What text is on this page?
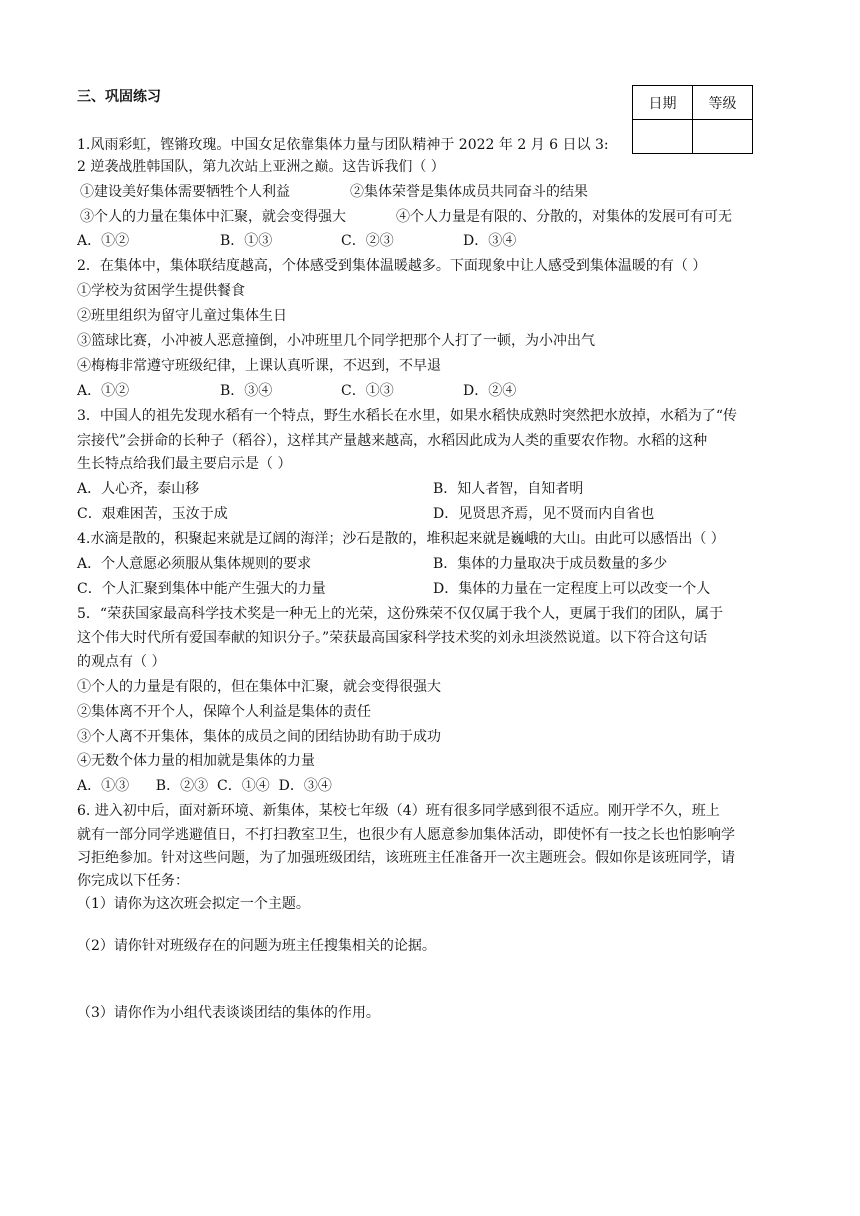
三、巩固练习	日期	等级

1.风雨彩虹，铿锵玫瑰。中国女足依靠集体力量与团队精神于 2022 年 2 月 6 日以 3:
2 逆袭战胜韩国队，第九次站上亚洲之巅。这告诉我们（ ）
①建设美好集体需要牺牲个人利益	②集体荣誉是集体成员共同奋斗的结果
③个人的力量在集体中汇聚，就会变得强大	④个人力量是有限的、分散的，对集体的发展可有可无
A．①②	B．①③	C．②③	D．③④
2．在集体中，集体联结度越高，个体感受到集体温暖越多。下面现象中让人感受到集体温暖的有（ ）
①学校为贫困学生提供餐食
②班里组织为留守儿童过集体生日
③篮球比赛，小冲被人恶意撞倒，小冲班里几个同学把那个人打了一顿，为小冲出气
④梅梅非常遵守班级纪律，上课认真听课，不迟到，不早退
A．①②	B．③④	C．①③	D．②④
3．中国人的祖先发现水稻有一个特点，野生水稻长在水里，如果水稻快成熟时突然把水放掉，水稻为了“传
宗接代”会拼命的长种子（稻谷），这样其产量越来越高，水稻因此成为人类的重要农作物。水稻的这种
生长特点给我们最主要启示是（ ）
A．人心齐，泰山移	B．知人者智，自知者明
C．艰难困苦，玉汝于成	D．见贤思齐焉，见不贤而内自省也
4.水滴是散的，积聚起来就是辽阔的海洋；沙石是散的，堆积起来就是巍峨的大山。由此可以感悟出（ ）
A．个人意愿必须服从集体规则的要求	B．集体的力量取决于成员数量的多少
C．个人汇聚到集体中能产生强大的力量	D．集体的力量在一定程度上可以改变一个人
5．“荣获国家最高科学技术奖是一种无上的光荣，这份殊荣不仅仅属于我个人，更属于我们的团队，属于
这个伟大时代所有爱国奉献的知识分子。”荣获最高国家科学技术奖的刘永坦淡然说道。以下符合这句话
的观点有（ ）
①个人的力量是有限的，但在集体中汇聚，就会变得很强大
②集体离不开个人，保障个人利益是集体的责任
③个人离不开集体，集体的成员之间的团结协助有助于成功
④无数个体力量的相加就是集体的力量
A．①③      B．②③  C．①④  D．③④
6. 进入初中后，面对新环境、新集体，某校七年级（4）班有很多同学感到很不适应。刚开学不久，班上
就有一部分同学逃避值日，不打扫教室卫生，也很少有人愿意参加集体活动，即使怀有一技之长也怕影响学
习拒绝参加。针对这些问题，为了加强班级团结，该班班主任准备开一次主题班会。假如你是该班同学，请
你完成以下任务：
（1）请你为这次班会拟定一个主题。
（2）请你针对班级存在的问题为班主任搜集相关的论据。
（3）请你作为小组代表谈谈团结的集体的作用。
